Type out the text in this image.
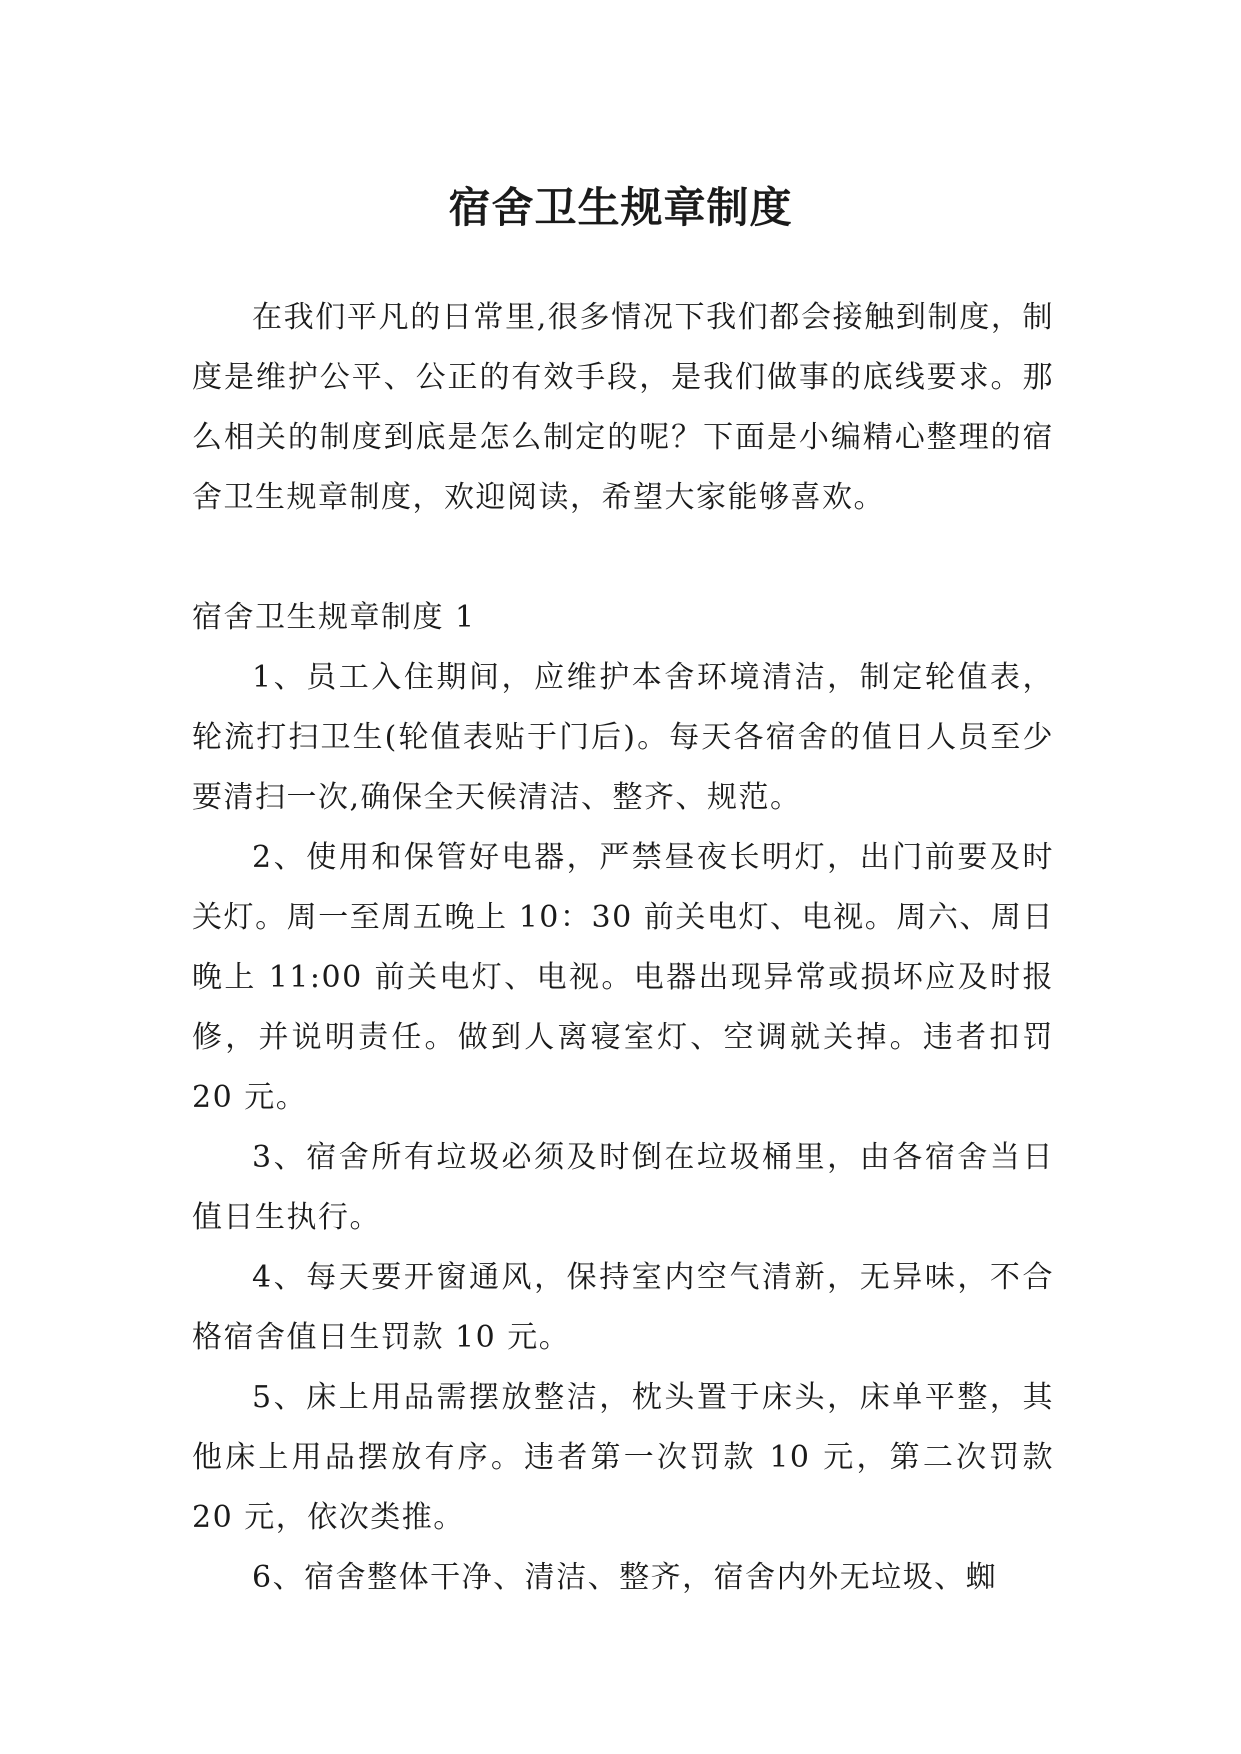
宿舍卫生规章制度

在我们平凡的日常里,很多情况下我们都会接触到制度，制度是维护公平、公正的有效手段，是我们做事的底线要求。那么相关的制度到底是怎么制定的呢？下面是小编精心整理的宿舍卫生规章制度，欢迎阅读，希望大家能够喜欢。

宿舍卫生规章制度 1

1、员工入住期间，应维护本舍环境清洁，制定轮值表，轮流打扫卫生(轮值表贴于门后)。每天各宿舍的值日人员至少要清扫一次,确保全天候清洁、整齐、规范。

2、使用和保管好电器，严禁昼夜长明灯，出门前要及时关灯。周一至周五晚上 10：30 前关电灯、电视。周六、周日晚上 11:00 前关电灯、电视。电器出现异常或损坏应及时报修，并说明责任。做到人离寝室灯、空调就关掉。违者扣罚 20 元。

3、宿舍所有垃圾必须及时倒在垃圾桶里，由各宿舍当日值日生执行。

4、每天要开窗通风，保持室内空气清新，无异味，不合格宿舍值日生罚款 10 元。

5、床上用品需摆放整洁，枕头置于床头，床单平整，其他床上用品摆放有序。违者第一次罚款 10 元，第二次罚款 20 元，依次类推。

6、宿舍整体干净、清洁、整齐，宿舍内外无垃圾、蜘
